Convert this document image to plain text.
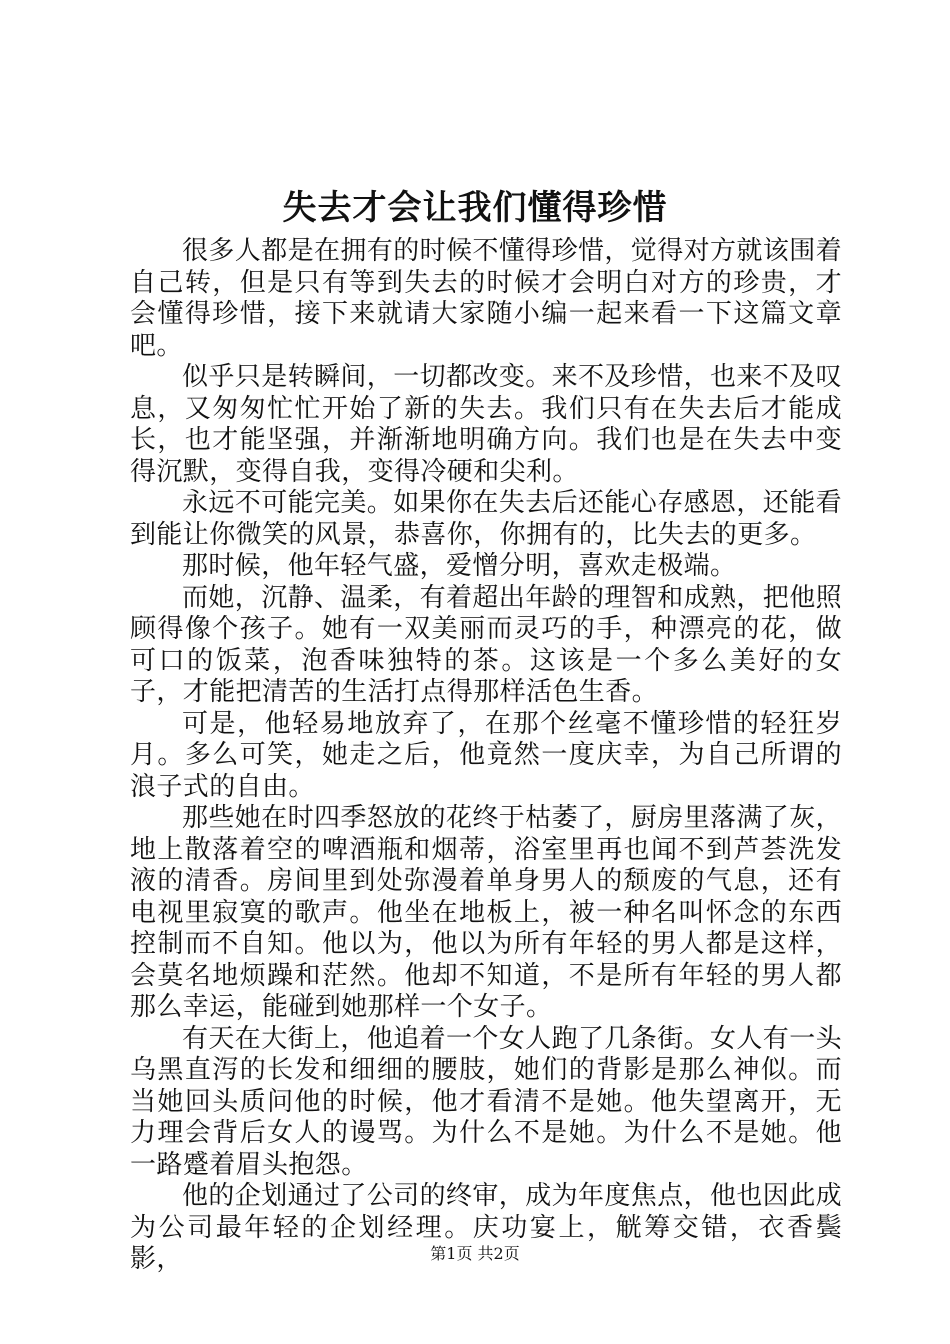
失去才会让我们懂得珍惜

很多人都是在拥有的时候不懂得珍惜，觉得对方就该围着自己转，但是只有等到失去的时候才会明白对方的珍贵，才会懂得珍惜，接下来就请大家随小编一起来看一下这篇文章吧。

似乎只是转瞬间，一切都改变。来不及珍惜，也来不及叹息，又匆匆忙忙开始了新的失去。我们只有在失去后才能成长，也才能坚强，并渐渐地明确方向。我们也是在失去中变得沉默，变得自我，变得冷硬和尖利。

永远不可能完美。如果你在失去后还能心存感恩，还能看到能让你微笑的风景，恭喜你，你拥有的，比失去的更多。

那时候，他年轻气盛，爱憎分明，喜欢走极端。

而她，沉静、温柔，有着超出年龄的理智和成熟，把他照顾得像个孩子。她有一双美丽而灵巧的手，种漂亮的花，做可口的饭菜，泡香味独特的茶。这该是一个多么美好的女子，才能把清苦的生活打点得那样活色生香。

可是，他轻易地放弃了，在那个丝毫不懂珍惜的轻狂岁月。多么可笑，她走之后，他竟然一度庆幸，为自己所谓的浪子式的自由。

那些她在时四季怒放的花终于枯萎了，厨房里落满了灰，地上散落着空的啤酒瓶和烟蒂，浴室里再也闻不到芦荟洗发液的清香。房间里到处弥漫着单身男人的颓废的气息，还有电视里寂寞的歌声。他坐在地板上，被一种名叫怀念的东西控制而不自知。他以为，他以为所有年轻的男人都是这样，会莫名地烦躁和茫然。他却不知道，不是所有年轻的男人都那么幸运，能碰到她那样一个女子。

有天在大街上，他追着一个女人跑了几条街。女人有一头乌黑直泻的长发和细细的腰肢，她们的背影是那么神似。而当她回头质问他的时候，他才看清不是她。他失望离开，无力理会背后女人的谩骂。为什么不是她。为什么不是她。他一路蹙着眉头抱怨。

他的企划通过了公司的终审，成为年度焦点，他也因此成为公司最年轻的企划经理。庆功宴上，觥筹交错，衣香鬓影，	第1页 共2页
